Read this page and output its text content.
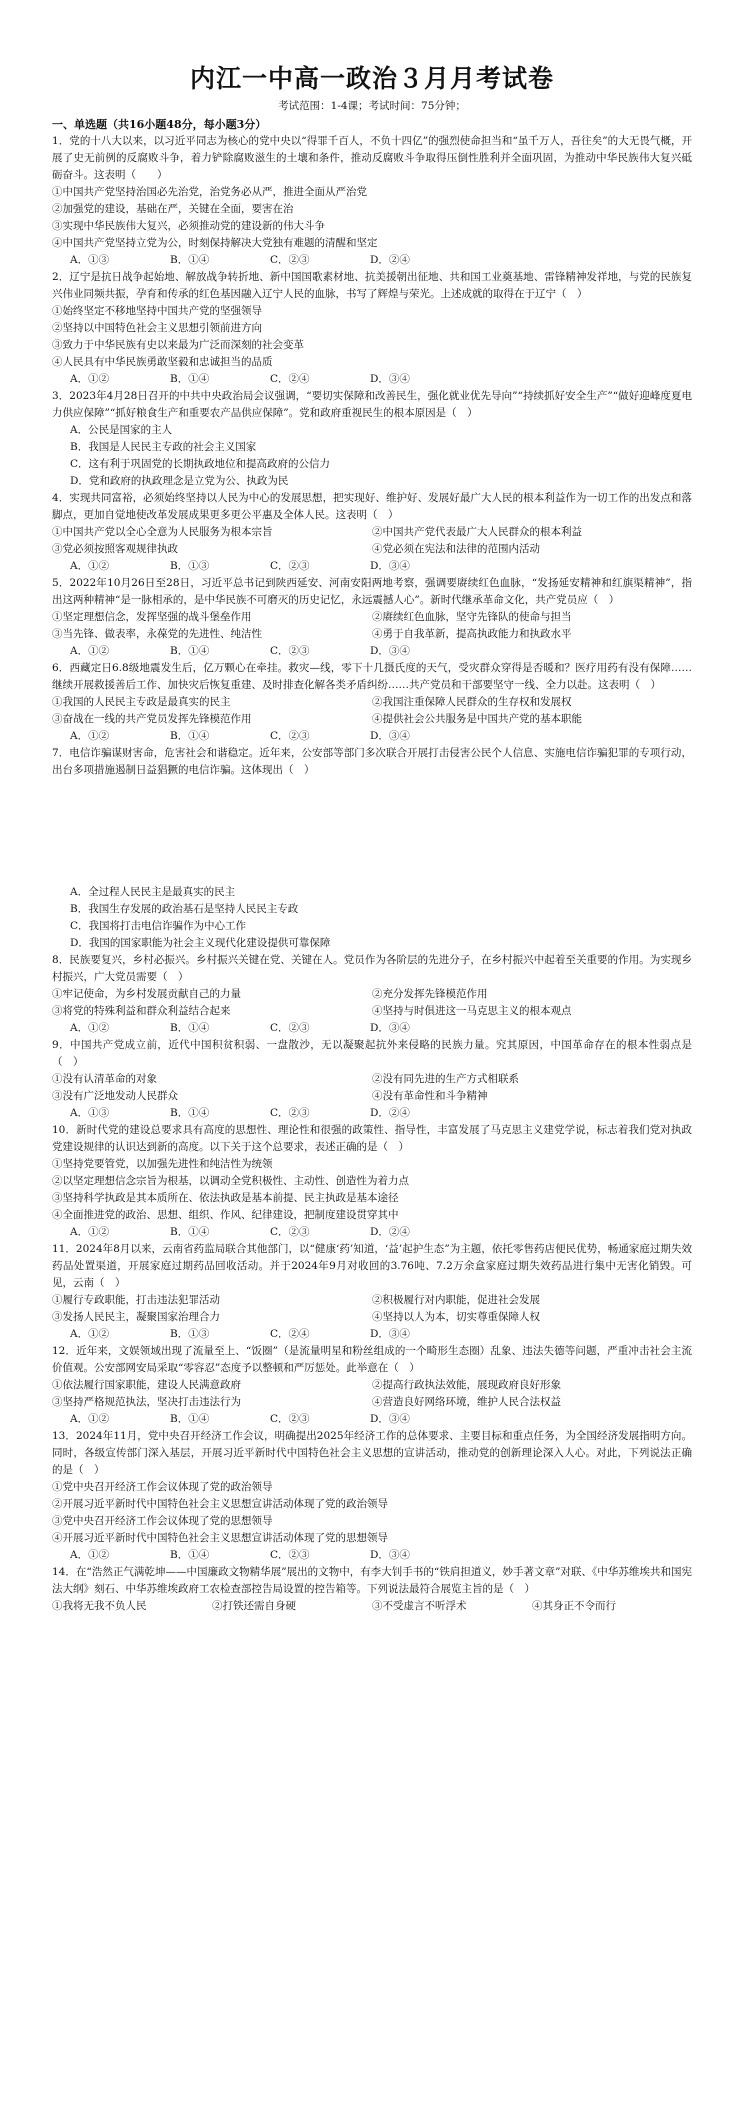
内江一中高一政治３月月考试卷
考试范围：1-4课；考试时间：75分钟；
一、单选题（共16小题48分，每小题3分）
1．党的十八大以来，以习近平同志为核心的党中央以“得罪千百人，不负十四亿”的强烈使命担当和“虽千万人，吾往矣”的大无畏气概，开展了史无前例的反腐败斗争，着力铲除腐败滋生的土壤和条件，推动反腐败斗争取得压倒性胜利并全面巩固，为推动中华民族伟大复兴砥砺奋斗。这表明（　　）
①中国共产党坚持治国必先治党，治党务必从严，推进全面从严治党
②加强党的建设，基础在严，关键在全面，要害在治
③实现中华民族伟大复兴，必须推动党的建设新的伟大斗争
④中国共产党坚持立党为公，时刻保持解决大党独有难题的清醒和坚定
A．①③	B．①④	C．②③	D．②④
2．辽宁是抗日战争起始地、解放战争转折地、新中国国歌素材地、抗美援朝出征地、共和国工业奠基地、雷锋精神发祥地，与党的民族复兴伟业同频共振，孕育和传承的红色基因融入辽宁人民的血脉，书写了辉煌与荣光。上述成就的取得在于辽宁（　）
①始终坚定不移地坚持中国共产党的坚强领导
②坚持以中国特色社会主义思想引领前进方向
③致力于中华民族有史以来最为广泛而深刻的社会变革
④人民具有中华民族勇敢坚毅和忠诚担当的品质
A．①②	B．①④	C．②④	D．③④
3．2023年4月28日召开的中共中央政治局会议强调，“要切实保障和改善民生，强化就业优先导向”“持续抓好安全生产”“做好迎峰度夏电力供应保障”“抓好粮食生产和重要农产品供应保障”。党和政府重视民生的根本原因是（　）
A．公民是国家的主人
B．我国是人民民主专政的社会主义国家
C．这有利于巩固党的长期执政地位和提高政府的公信力
D．党和政府的执政理念是立党为公、执政为民
4．实现共同富裕，必须始终坚持以人民为中心的发展思想，把实现好、维护好、发展好最广大人民的根本利益作为一切工作的出发点和落脚点，更加自觉地使改革发展成果更多更公平惠及全体人民。这表明（　）
①中国共产党以全心全意为人民服务为根本宗旨	②中国共产党代表最广大人民群众的根本利益
③党必须按照客观规律执政	④党必须在宪法和法律的范围内活动
A．①②	B．①③	C．②③	D．③④
5．2022年10月26日至28日，习近平总书记到陕西延安、河南安阳两地考察，强调要赓续红色血脉，“发扬延安精神和红旗渠精神”，指出这两种精神“是一脉相承的，是中华民族不可磨灭的历史记忆，永远震撼人心”。新时代继承革命文化，共产党员应（　）
①坚定理想信念，发挥坚强的战斗堡垒作用	②赓续红色血脉，坚守先锋队的使命与担当
③当先锋、做表率，永葆党的先进性、纯洁性	④勇于自我革新，提高执政能力和执政水平
A．①②	B．①④	C．②③	D．③④
6．西藏定日6.8级地震发生后，亿万颗心在牵挂。救灾—线，零下十几摄氏度的天气，受灾群众穿得是否暖和？医疗用药有没有保障……继续开展救援善后工作、加快灾后恢复重建、及时排查化解各类矛盾纠纷……共产党员和干部要坚守一线、全力以赴。这表明（　）
①我国的人民民主专政是最真实的民主	②我国注重保障人民群众的生存权和发展权
③奋战在一线的共产党员发挥先锋模范作用	④提供社会公共服务是中国共产党的基本职能
A．①②	B．①④	C．②③	D．③④
7．电信诈骗谋财害命，危害社会和谐稳定。近年来，公安部等部门多次联合开展打击侵害公民个人信息、实施电信诈骗犯罪的专项行动，出台多项措施遏制日益猖獗的电信诈骗。这体现出（　）
A．全过程人民民主是最真实的民主
B．我国生存发展的政治基石是坚持人民民主专政
C．我国将打击电信诈骗作为中心工作
D．我国的国家职能为社会主义现代化建设提供可靠保障
8．民族要复兴，乡村必振兴。乡村振兴关键在党、关键在人。党员作为各阶层的先进分子，在乡村振兴中起着至关重要的作用。为实现乡村振兴，广大党员需要（　）
①牢记使命，为乡村发展贡献自己的力量	②充分发挥先锋模范作用
③将党的特殊利益和群众利益结合起来	④坚持与时俱进这一马克思主义的根本观点
A．①②	B．①④	C．②③	D．③④
9．中国共产党成立前，近代中国积贫积弱、一盘散沙，无以凝聚起抗外来侵略的民族力量。究其原因，中国革命存在的根本性弱点是（　）
①没有认清革命的对象	②没有同先进的生产方式相联系
③没有广泛地发动人民群众	④没有革命性和斗争精神
A．①③	B．①④	C．②③	D．②④
10．新时代党的建设总要求具有高度的思想性、理论性和很强的政策性、指导性，丰富发展了马克思主义建党学说，标志着我们党对执政党建设规律的认识达到新的高度。以下关于这个总要求，表述正确的是（　）
①坚持党要管党，以加强先进性和纯洁性为统领
②以坚定理想信念宗旨为根基，以调动全党积极性、主动性、创造性为着力点
③坚持科学执政是其本质所在、依法执政是基本前提、民主执政是基本途径
④全面推进党的政治、思想、组织、作风、纪律建设，把制度建设贯穿其中
A．①②	B．①④	C．②③	D．②④
11．2024年8月以来，云南省药监局联合其他部门，以“健康‘药’知道，‘益’起护生态”为主题，依托零售药店便民优势，畅通家庭过期失效药品处置渠道，开展家庭过期药品回收活动。并于2024年9月对收回的3.76吨、7.2万余盒家庭过期失效药品进行集中无害化销毁。可见，云南（　）
①履行专政职能，打击违法犯罪活动	②积极履行对内职能，促进社会发展
③发扬人民民主，凝聚国家治理合力	④坚持以人为本，切实尊重保障人权
A．①②	B．①③	C．②④	D．③④
12．近年来，文娱领域出现了流量至上、“饭圈”（是流量明星和粉丝组成的一个畸形生态圈）乱象、违法失德等问题，严重冲击社会主流价值观。公安部网安局采取“零容忍”态度予以整顿和严厉惩处。此举意在（　）
①依法履行国家职能，建设人民满意政府	②提高行政执法效能，展现政府良好形象
③坚持严格规范执法，坚决打击违法行为	④营造良好网络环境，维护人民合法权益
A．①②	B．①④	C．②③	D．③④
13．2024年11月，党中央召开经济工作会议，明确提出2025年经济工作的总体要求、主要目标和重点任务，为全国经济发展指明方向。同时，各级宣传部门深入基层，开展习近平新时代中国特色社会主义思想的宣讲活动，推动党的创新理论深入人心。对此，下列说法正确的是（　）
①党中央召开经济工作会议体现了党的政治领导
②开展习近平新时代中国特色社会主义思想宣讲活动体现了党的政治领导
③党中央召开经济工作会议体现了党的思想领导
④开展习近平新时代中国特色社会主义思想宣讲活动体现了党的思想领导
A．①②	B．①④	C．②③	D．③④
14．在“浩然正气满乾坤——中国廉政文物精华展”展出的文物中，有李大钊手书的“铁肩担道义，妙手著文章”对联、《中华苏维埃共和国宪法大纲》刻石、中华苏维埃政府工农检查部控告局设置的控告箱等。下列说法最符合展览主旨的是（　）
①我将无我不负人民	②打铁还需自身硬	③不受虚言不听浮术	④其身正不令而行
